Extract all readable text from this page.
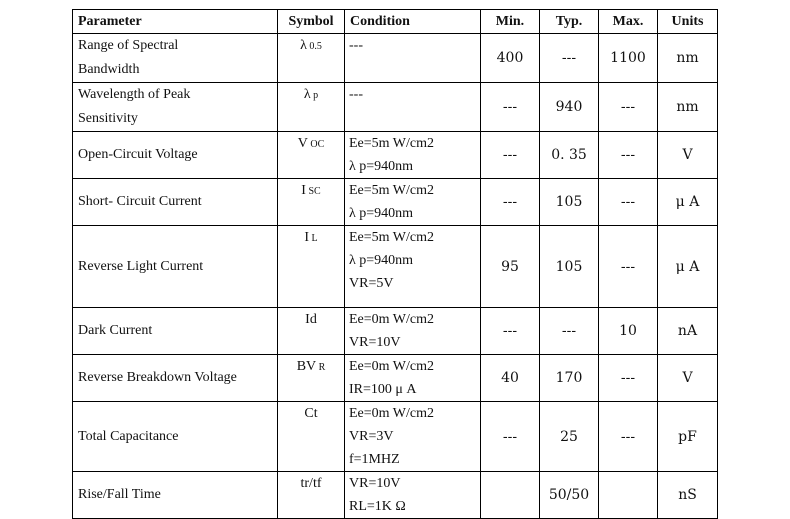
Parameter	Symbol	Condition	Min.	Typ.	Max.	Units

Range of Spectral
Bandwidth	λ 0.5	---	400	---	1100	nm

Wavelength of Peak
Sensitivity	λ p	---	---	940	---	nm

Open-Circuit Voltage	V OC	Ee=5m W/cm2
λ p=940nm	---	0. 35	---	V

Short- Circuit Current	I SC	Ee=5m W/cm2
λ p=940nm	---	105	---	μ A

Reverse Light Current	I L	Ee=5m W/cm2
λ p=940nm
VR=5V	95	105	---	μ A

Dark Current	Id	Ee=0m W/cm2
VR=10V	---	---	10	nA

Reverse Breakdown Voltage	BV R	Ee=0m W/cm2
IR=100 μ A	40	170	---	V

Total Capacitance	Ct	Ee=0m W/cm2
VR=3V
f=1MHZ	---	25	---	pF

Rise/Fall Time	tr/tf	VR=10V
RL=1K Ω		50/50		nS
